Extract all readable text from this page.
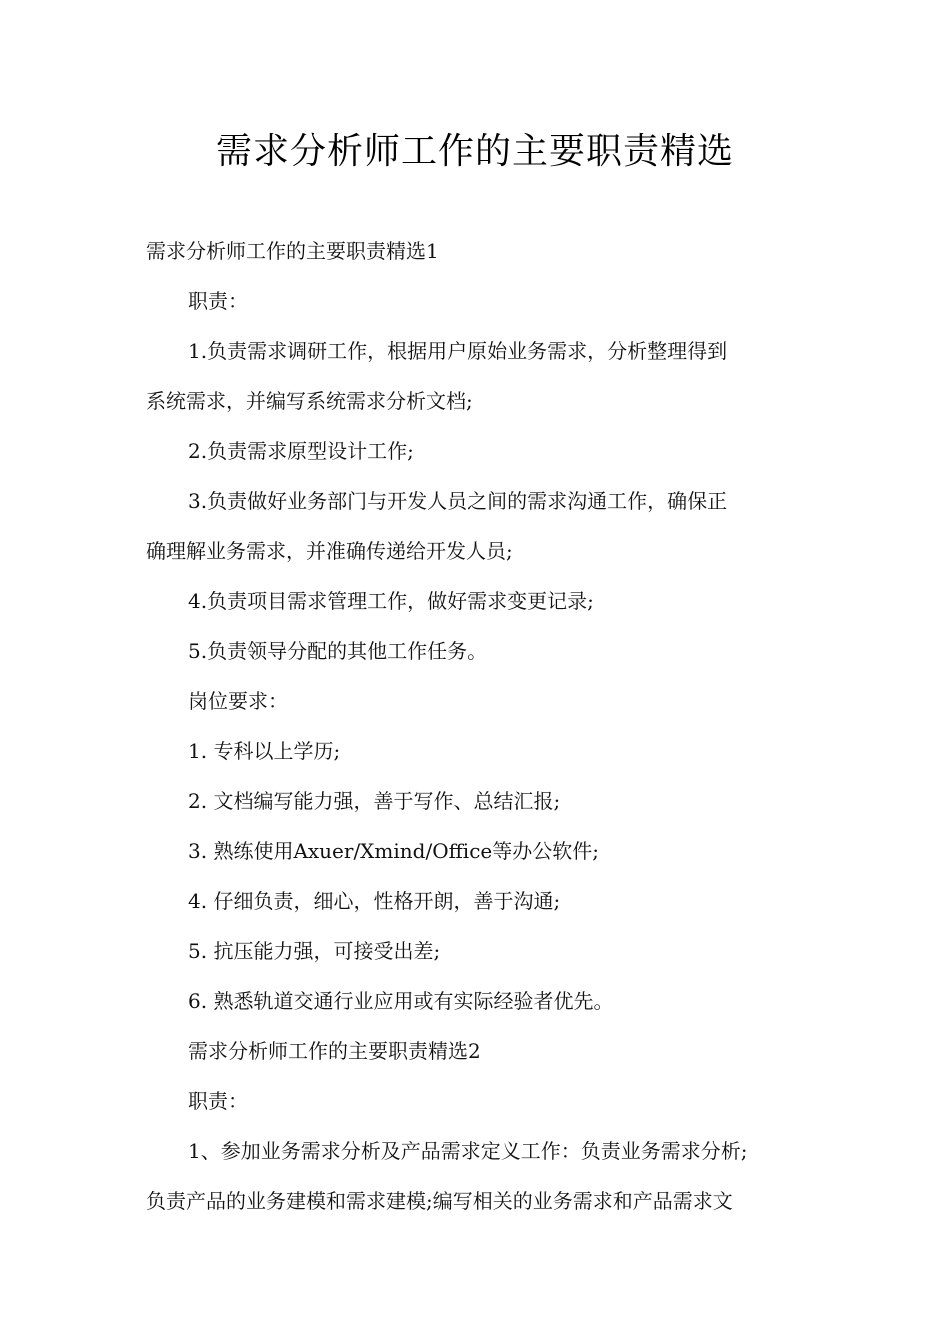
需求分析师工作的主要职责精选
需求分析师工作的主要职责精选1
职责：
1.负责需求调研工作，根据用户原始业务需求，分析整理得到
系统需求，并编写系统需求分析文档;
2.负责需求原型设计工作;
3.负责做好业务部门与开发人员之间的需求沟通工作，确保正
确理解业务需求，并准确传递给开发人员;
4.负责项目需求管理工作，做好需求变更记录;
5.负责领导分配的其他工作任务。
岗位要求：
1. 专科以上学历;
2. 文档编写能力强，善于写作、总结汇报;
3. 熟练使用Axuer/Xmind/Office等办公软件;
4. 仔细负责，细心，性格开朗，善于沟通;
5. 抗压能力强，可接受出差;
6. 熟悉轨道交通行业应用或有实际经验者优先。
需求分析师工作的主要职责精选2
职责：
1、参加业务需求分析及产品需求定义工作：负责业务需求分析;
负责产品的业务建模和需求建模;编写相关的业务需求和产品需求文
